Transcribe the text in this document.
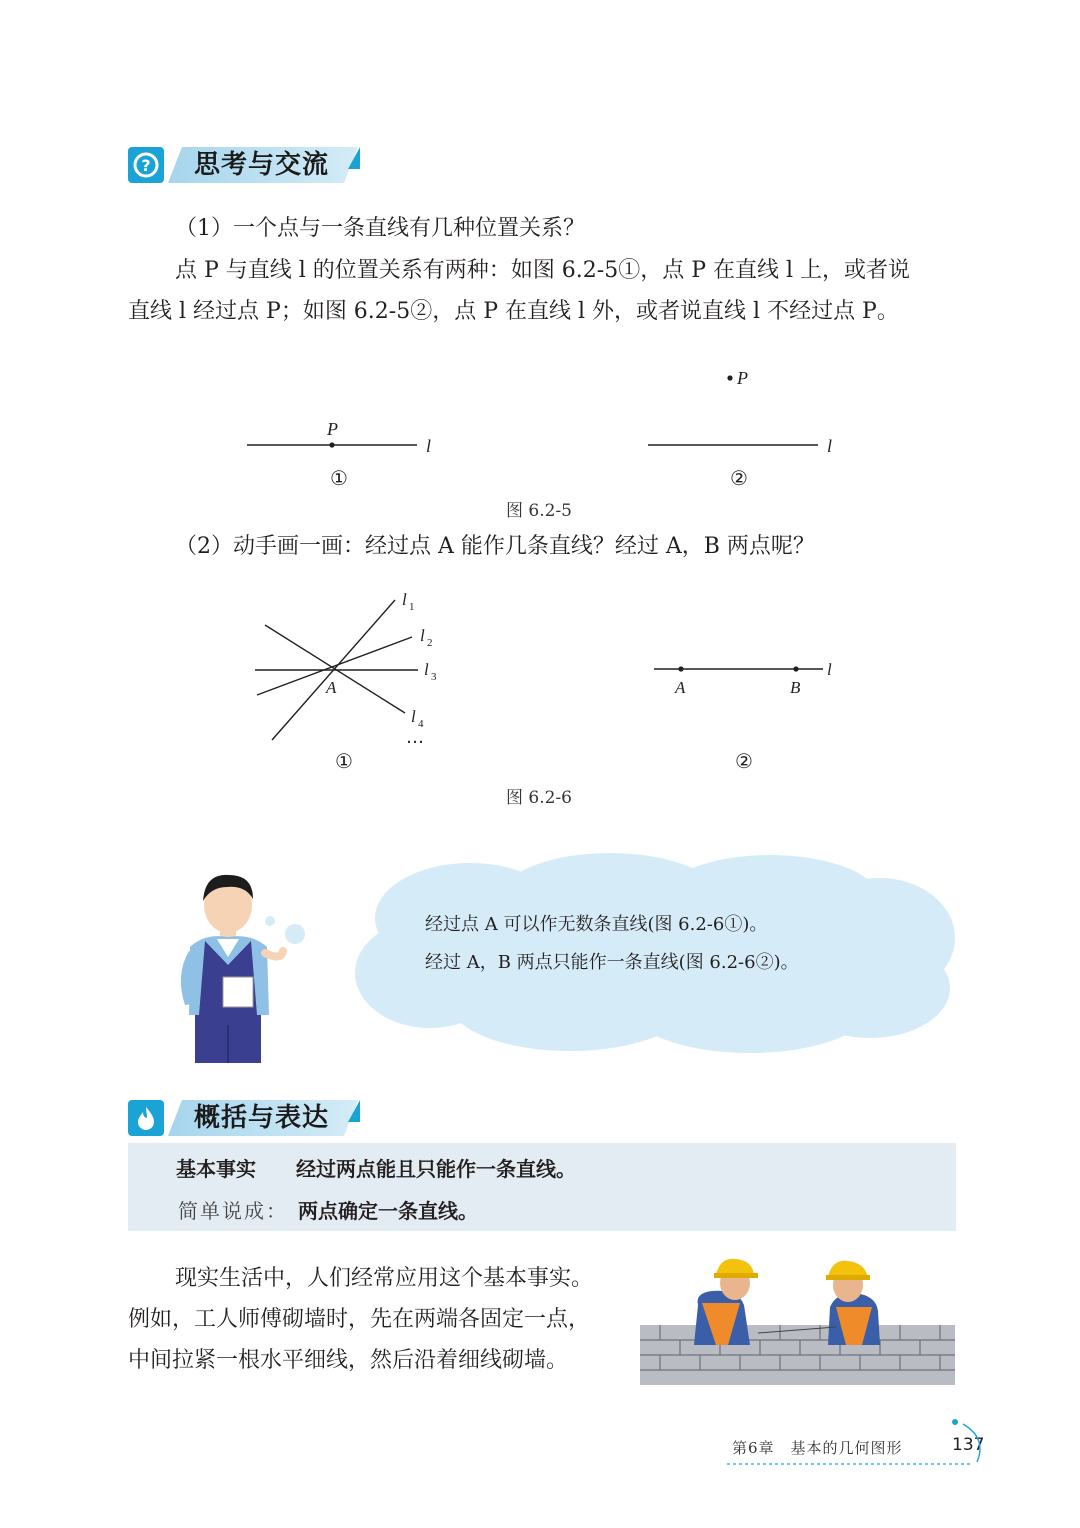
? 思考与交流
（1）一个点与一条直线有几种位置关系？
点 P 与直线 l 的位置关系有两种：如图 6.2-5①，点 P 在直线 l 上，或者说
直线 l 经过点 P；如图 6.2-5②，点 P 在直线 l 外，或者说直线 l 不经过点 P。
P
l
①
P
l
②
图 6.2-5
（2）动手画一画：经过点 A 能作几条直线？经过 A，B 两点呢？
l 1
l 2
l 3
l 4
…
A
①
A	B
l
②
图 6.2-6
经过点 A 可以作无数条直线(图 6.2-6①)。
经过 A，B 两点只能作一条直线(图 6.2-6②)。
概括与表达
基本事实 经过两点能且只能作一条直线。
简单说成： 两点确定一条直线。
现实生活中，人们经常应用这个基本事实。
例如，工人师傅砌墙时，先在两端各固定一点，
中间拉紧一根水平细线，然后沿着细线砌墙。
第6章　基本的几何图形	137
